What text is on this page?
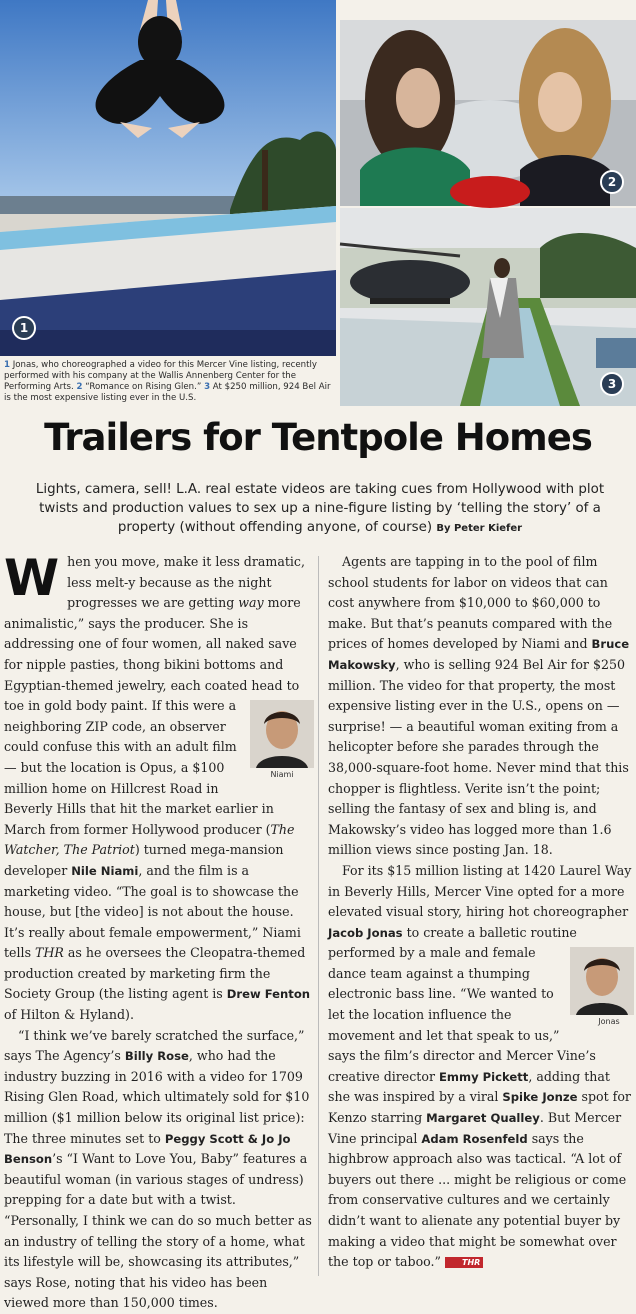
1
2
3
1 Jonas, who choreographed a video for this Mercer Vine listing, recently performed with his company at the Wallis Annenberg Center for the Performing Arts. 2 “Romance on Rising Glen.” 3 At $250 million, 924 Bel Air is the most expensive listing ever in the U.S.
Trailers for Tentpole Homes
Lights, camera, sell! L.A. real estate videos are taking cues from Hollywood with plot twists and production values to sex up a nine-figure listing by ‘telling the story’ of a property (without offending anyone, of course) By Peter Kiefer

When you move, make it less dramatic, less melt-y because as the night progresses we are getting way more animalistic,” says the producer. She is addressing one of four women, all naked save for nipple pasties, thong bikini bottoms and Egyptian-themed jewelry, each coated head
Niami
to toe in gold body paint. If this were a neighboring ZIP code, an observer could confuse this with an adult film — but the location is Opus, a $100 million home on Hillcrest Road in Beverly Hills that hit the market earlier in March from former Hollywood producer (The Watcher, The Patriot) turned mega-mansion developer Nile Niami, and the film is a marketing video. “The goal is to showcase the house, but [the video] is not about the house. It’s really about female empowerment,” Niami tells THR as he oversees the Cleopatra-themed production created by marketing firm the Society Group (the listing agent is Drew Fenton of Hilton & Hyland).

“I think we’ve barely scratched the surface,” says The Agency’s Billy Rose, who had the industry buzzing in 2016 with a video for 1709 Rising Glen Road, which ultimately sold for $10 million ($1 million below its original list price): The three minutes set to Peggy Scott & Jo Jo Benson’s “I Want to Love You, Baby” features a beautiful woman (in various stages of undress) prepping for a date but with a twist. “Personally, I think we can do so much better as an industry of telling the story of a home, what its lifestyle will be, showcasing its attributes,” says Rose, noting that his video has been viewed more than 150,000 times.

Agents are tapping in to the pool of film school students for labor on videos that can cost anywhere from $10,000 to $60,000 to make. But that’s peanuts compared with the prices of homes developed by Niami and Bruce Makowsky, who is selling 924 Bel Air for $250 million. The video for that property, the most expensive listing ever in the U.S., opens on — surprise! — a beautiful woman exiting from a helicopter before she parades through the 38,000-square-foot home. Never mind that this chopper is flightless. Verite isn’t the point; selling the fantasy of sex and bling is, and Makowsky’s video has logged more than 1.6 million views since posting Jan. 18.

For its $15 million listing at 1420 Laurel Way in Beverly Hills, Mercer Vine opted for a more elevated visual story, hiring hot choreographer Jacob Jonas to create a balletic routine performed by a male
Jonas
and female dance team against a thumping electronic bass line. “We wanted to let the location influence the movement and let that speak to us,” says the film’s director and Mercer Vine’s creative director Emmy Pickett, adding that she was inspired by a viral Spike Jonze spot for Kenzo starring Margaret Qualley. But Mercer Vine principal Adam Rosenfeld says the highbrow approach also was tactical. “A lot of buyers out there ... might be religious or come from conservative cultures and we certainly didn’t want to alienate any potential buyer by making a video that might be somewhat over the top or taboo.”	THR
